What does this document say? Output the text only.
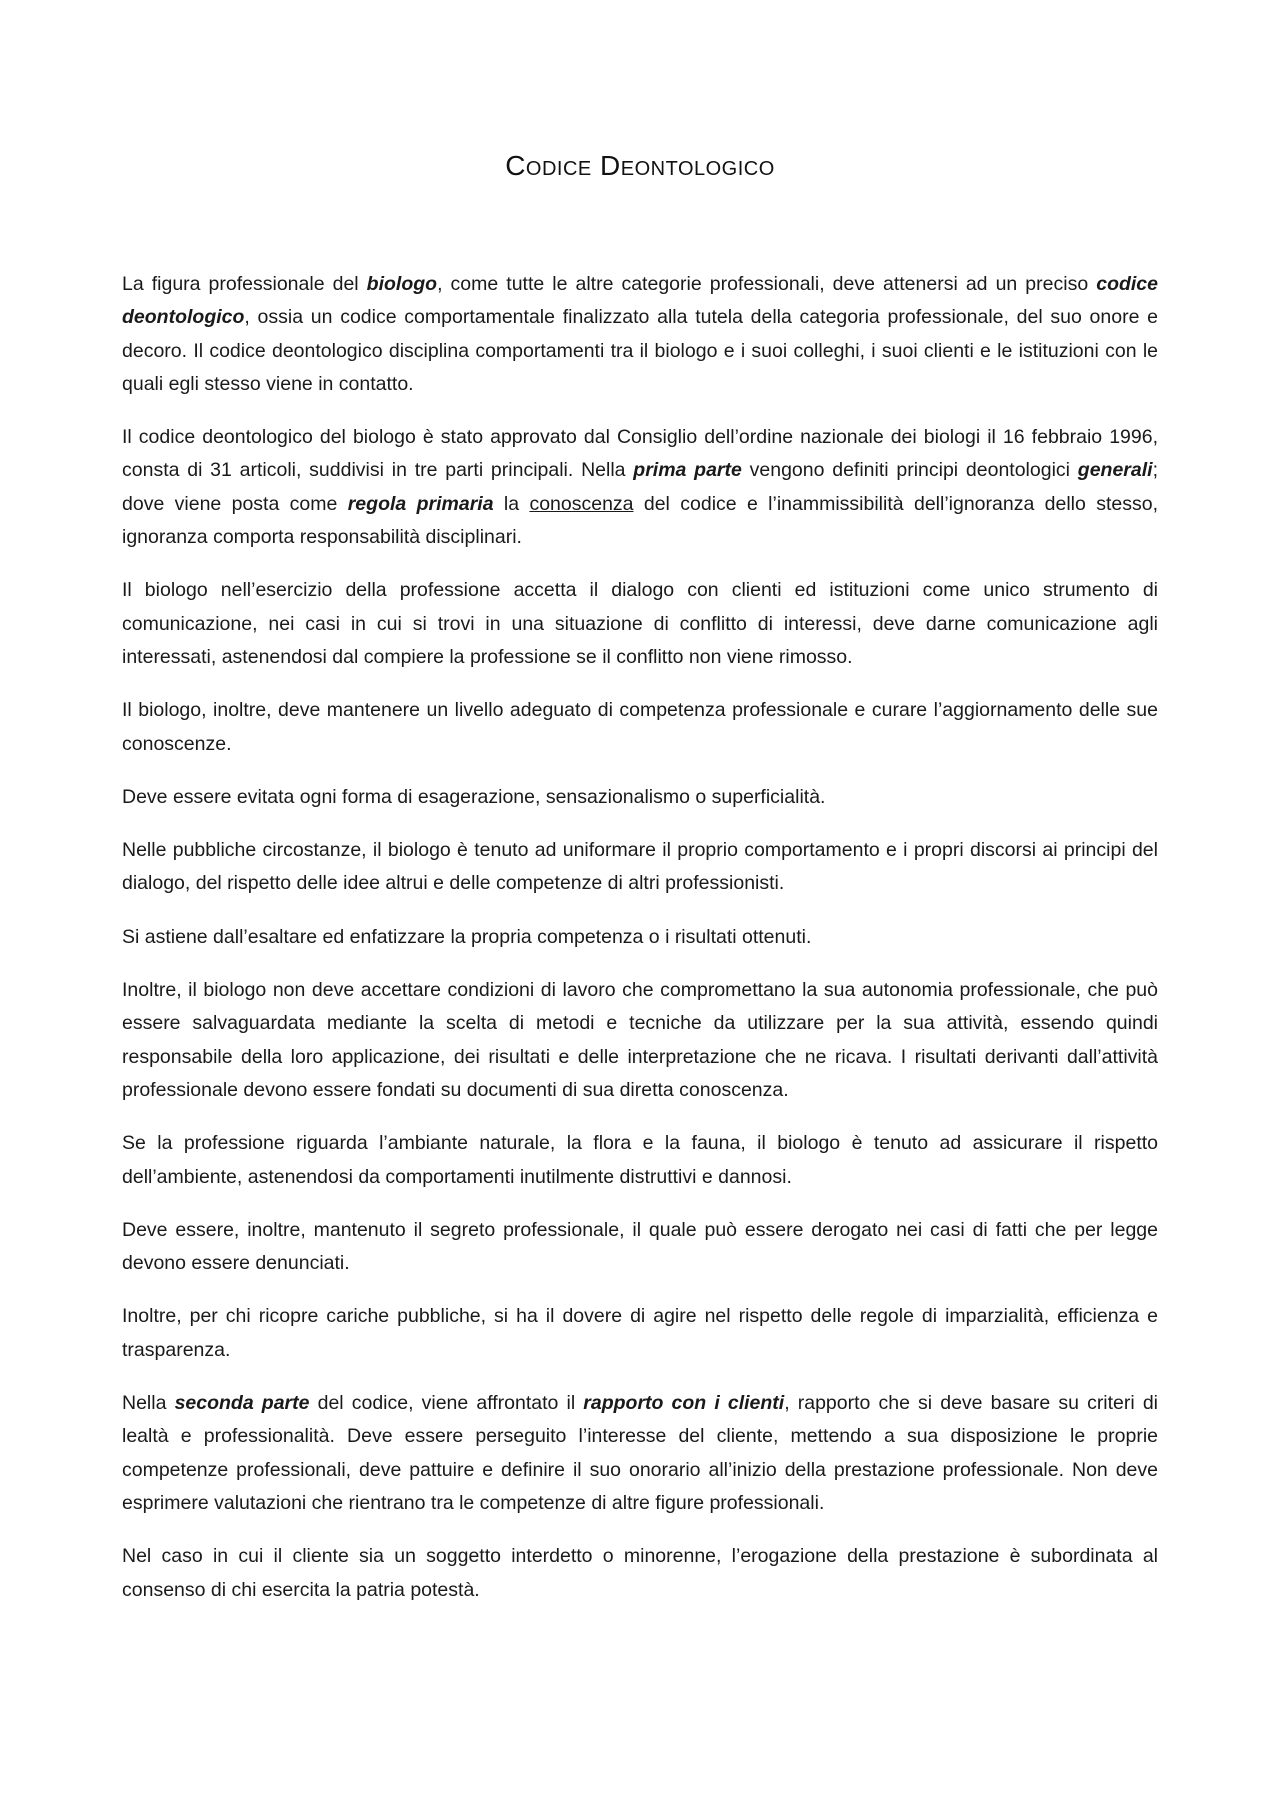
Codice Deontologico

La figura professionale del biologo, come tutte le altre categorie professionali, deve attenersi ad un preciso codice deontologico, ossia un codice comportamentale finalizzato alla tutela della categoria professionale, del suo onore e decoro. Il codice deontologico disciplina comportamenti tra il biologo e i suoi colleghi, i suoi clienti e le istituzioni con le quali egli stesso viene in contatto.

Il codice deontologico del biologo è stato approvato dal Consiglio dell’ordine nazionale dei biologi il 16 febbraio 1996, consta di 31 articoli, suddivisi in tre parti principali. Nella prima parte vengono definiti principi deontologici generali; dove viene posta come regola primaria la conoscenza del codice e l’inammissibilità dell’ignoranza dello stesso, ignoranza comporta responsabilità disciplinari.

Il biologo nell’esercizio della professione accetta il dialogo con clienti ed istituzioni come unico strumento di comunicazione, nei casi in cui si trovi in una situazione di conflitto di interessi, deve darne comunicazione agli interessati, astenendosi dal compiere la professione se il conflitto non viene rimosso.

Il biologo, inoltre, deve mantenere un livello adeguato di competenza professionale e curare l’aggiornamento delle sue conoscenze.

Deve essere evitata ogni forma di esagerazione, sensazionalismo o superficialità.

Nelle pubbliche circostanze, il biologo è tenuto ad uniformare il proprio comportamento e i propri discorsi ai principi del dialogo, del rispetto delle idee altrui e delle competenze di altri professionisti.

Si astiene dall’esaltare ed enfatizzare la propria competenza o i risultati ottenuti.

Inoltre, il biologo non deve accettare condizioni di lavoro che compromettano la sua autonomia professionale, che può essere salvaguardata mediante la scelta di metodi e tecniche da utilizzare per la sua attività, essendo quindi responsabile della loro applicazione, dei risultati e delle interpretazione che ne ricava. I risultati derivanti dall’attività professionale devono essere fondati su documenti di sua diretta conoscenza.

Se la professione riguarda l’ambiante naturale, la flora e la fauna, il biologo è tenuto ad assicurare il rispetto dell’ambiente, astenendosi da comportamenti inutilmente distruttivi e dannosi.

Deve essere, inoltre, mantenuto il segreto professionale, il quale può essere derogato nei casi di fatti che per legge devono essere denunciati.

Inoltre, per chi ricopre cariche pubbliche, si ha il dovere di agire nel rispetto delle regole di imparzialità, efficienza e trasparenza.

Nella seconda parte del codice, viene affrontato il rapporto con i clienti, rapporto che si deve basare su criteri di lealtà e professionalità. Deve essere perseguito l’interesse del cliente, mettendo a sua disposizione le proprie competenze professionali, deve pattuire e definire il suo onorario all’inizio della prestazione professionale. Non deve esprimere valutazioni che rientrano tra le competenze di altre figure professionali.

Nel caso in cui il cliente sia un soggetto interdetto o minorenne, l’erogazione della prestazione è subordinata al consenso di chi esercita la patria potestà.
